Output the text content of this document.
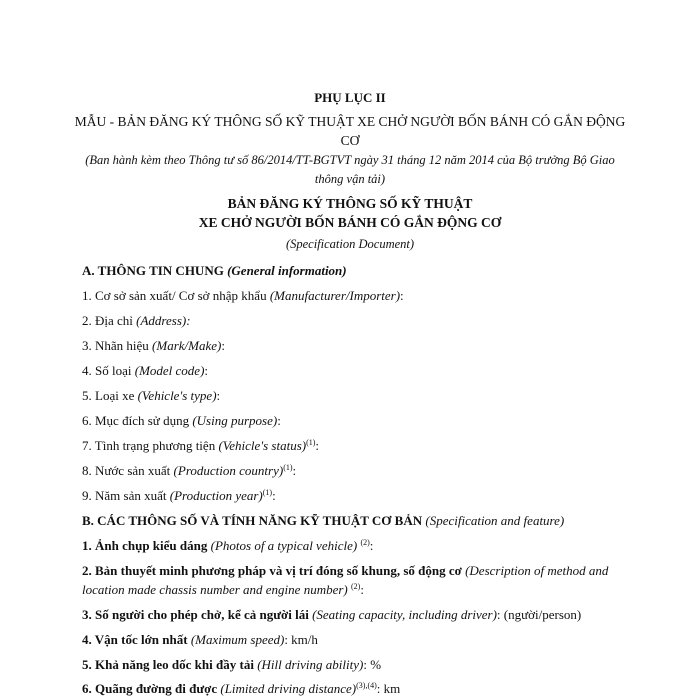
PHỤ LỤC II
MẪU - BẢN ĐĂNG KÝ THÔNG SỐ KỸ THUẬT XE CHỞ NGƯỜI BỐN BÁNH CÓ GẮN ĐỘNG CƠ
(Ban hành kèm theo Thông tư số 86/2014/TT-BGTVT ngày 31 tháng 12 năm 2014 của Bộ trưởng Bộ Giao thông vận tải)
BẢN ĐĂNG KÝ THÔNG SỐ KỸ THUẬT
XE CHỞ NGƯỜI BỐN BÁNH CÓ GẮN ĐỘNG CƠ
(Specification Document)
A. THÔNG TIN CHUNG (General information)
1. Cơ sở sản xuất/ Cơ sở nhập khẩu (Manufacturer/Importer):
2. Địa chỉ (Address):
3. Nhãn hiệu (Mark/Make):
4. Số loại (Model code):
5. Loại xe (Vehicle's type):
6. Mục đích sử dụng (Using purpose):
7. Tình trạng phương tiện (Vehicle's status)$^{(1)}$:
8. Nước sản xuất (Production country)$^{(1)}$:
9. Năm sản xuất (Production year)$^{(1)}$:
B. CÁC THÔNG SỐ VÀ TÍNH NĂNG KỸ THUẬT CƠ BẢN (Specification and feature)
1. Ảnh chụp kiểu dáng (Photos of a typical vehicle) $^{(2)}$:
2. Bản thuyết minh phương pháp và vị trí đóng số khung, số động cơ (Description of method and location made chassis number and engine number) $^{(2)}$:
3. Số người cho phép chở, kể cả người lái (Seating capacity, including driver): (người/person)
4. Vận tốc lớn nhất (Maximum speed): km/h
5. Khả năng leo dốc khi đầy tải (Hill driving ability): %
6. Quãng đường đi được (Limited driving distance)$^{(3),(4)}$: km
